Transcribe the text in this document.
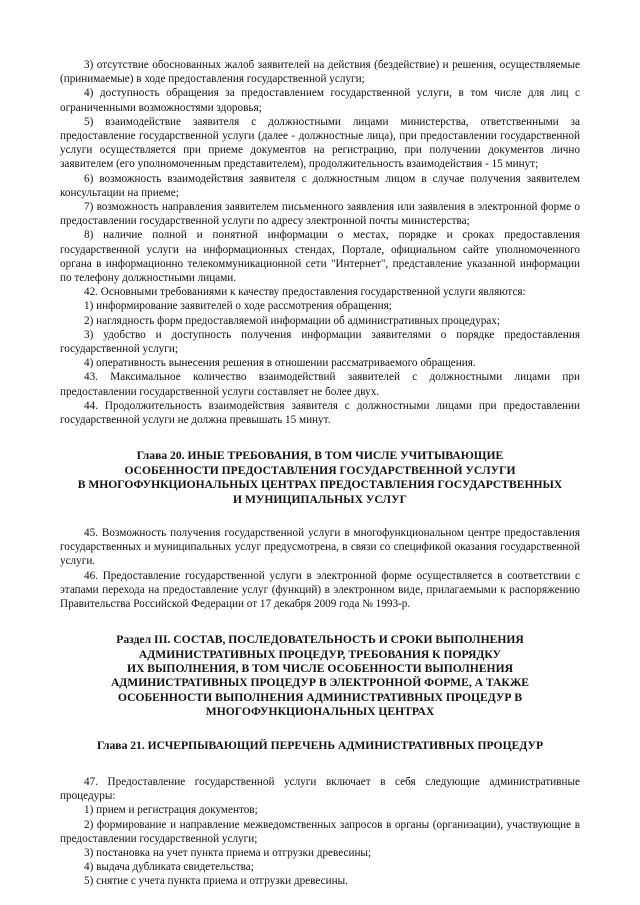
3) отсутствие обоснованных жалоб заявителей на действия (бездействие) и решения, осуществляемые (принимаемые) в ходе предоставления государственной услуги;

4) доступность обращения за предоставлением государственной услуги, в том числе для лиц с ограниченными возможностями здоровья;

5) взаимодействие заявителя с должностными лицами министерства, ответственными за предоставление государственной услуги (далее - должностные лица), при предоставлении государственной услуги осуществляется при приеме документов на регистрацию, при получении документов лично заявителем (его уполномоченным представителем), продолжительность взаимодействия - 15 минут;

6) возможность взаимодействия заявителя с должностным лицом в случае получения заявителем консультации на приеме;

7) возможность направления заявителем письменного заявления или заявления в электронной форме о предоставлении государственной услуги по адресу электронной почты министерства;

8) наличие полной и понятной информации о местах, порядке и сроках предоставления государственной услуги на информационных стендах, Портале, официальном сайте уполномоченного органа в информационно телекоммуникационной сети "Интернет", представление указанной информации по телефону должностными лицами.

42. Основными требованиями к качеству предоставления государственной услуги являются:

1) информирование заявителей о ходе рассмотрения обращения;

2) наглядность форм предоставляемой информации об административных процедурах;

3) удобство и доступность получения информации заявителями о порядке предоставления государственной услуги;

4) оперативность вынесения решения в отношении рассматриваемого обращения.

43. Максимальное количество взаимодействий заявителей с должностными лицами при предоставлении государственной услуги составляет не более двух.

44. Продолжительность взаимодействия заявителя с должностными лицами при предоставлении государственной услуги не должна превышать 15 минут.

Глава 20. ИНЫЕ ТРЕБОВАНИЯ, В ТОМ ЧИСЛЕ УЧИТЫВАЮЩИЕ
ОСОБЕННОСТИ ПРЕДОСТАВЛЕНИЯ ГОСУДАРСТВЕННОЙ УСЛУГИ
В МНОГОФУНКЦИОНАЛЬНЫХ ЦЕНТРАХ ПРЕДОСТАВЛЕНИЯ ГОСУДАРСТВЕННЫХ
И МУНИЦИПАЛЬНЫХ УСЛУГ

45. Возможность получения государственной услуги в многофункциональном центре предоставления государственных и муниципальных услуг предусмотрена, в связи со спецификой оказания государственной услуги.

46. Предоставление государственной услуги в электронной форме осуществляется в соответствии с этапами перехода на предоставление услуг (функций) в электронном виде, прилагаемыми к распоряжению Правительства Российской Федерации от 17 декабря 2009 года № 1993-р.

Раздел III. СОСТАВ, ПОСЛЕДОВАТЕЛЬНОСТЬ И СРОКИ ВЫПОЛНЕНИЯ
АДМИНИСТРАТИВНЫХ ПРОЦЕДУР, ТРЕБОВАНИЯ К ПОРЯДКУ
ИХ ВЫПОЛНЕНИЯ, В ТОМ ЧИСЛЕ ОСОБЕННОСТИ ВЫПОЛНЕНИЯ
АДМИНИСТРАТИВНЫХ ПРОЦЕДУР В ЭЛЕКТРОННОЙ ФОРМЕ, А ТАКЖЕ
ОСОБЕННОСТИ ВЫПОЛНЕНИЯ АДМИНИСТРАТИВНЫХ ПРОЦЕДУР В
МНОГОФУНКЦИОНАЛЬНЫХ ЦЕНТРАХ
Глава 21. ИСЧЕРПЫВАЮЩИЙ ПЕРЕЧЕНЬ АДМИНИСТРАТИВНЫХ ПРОЦЕДУР

47. Предоставление государственной услуги включает в себя следующие административные процедуры:

1) прием и регистрация документов;

2) формирование и направление межведомственных запросов в органы (организации), участвующие в предоставлении государственной услуги;

3) постановка на учет пункта приема и отгрузки древесины;

4) выдача дубликата свидетельства;

5) снятие с учета пункта приема и отгрузки древесины.
